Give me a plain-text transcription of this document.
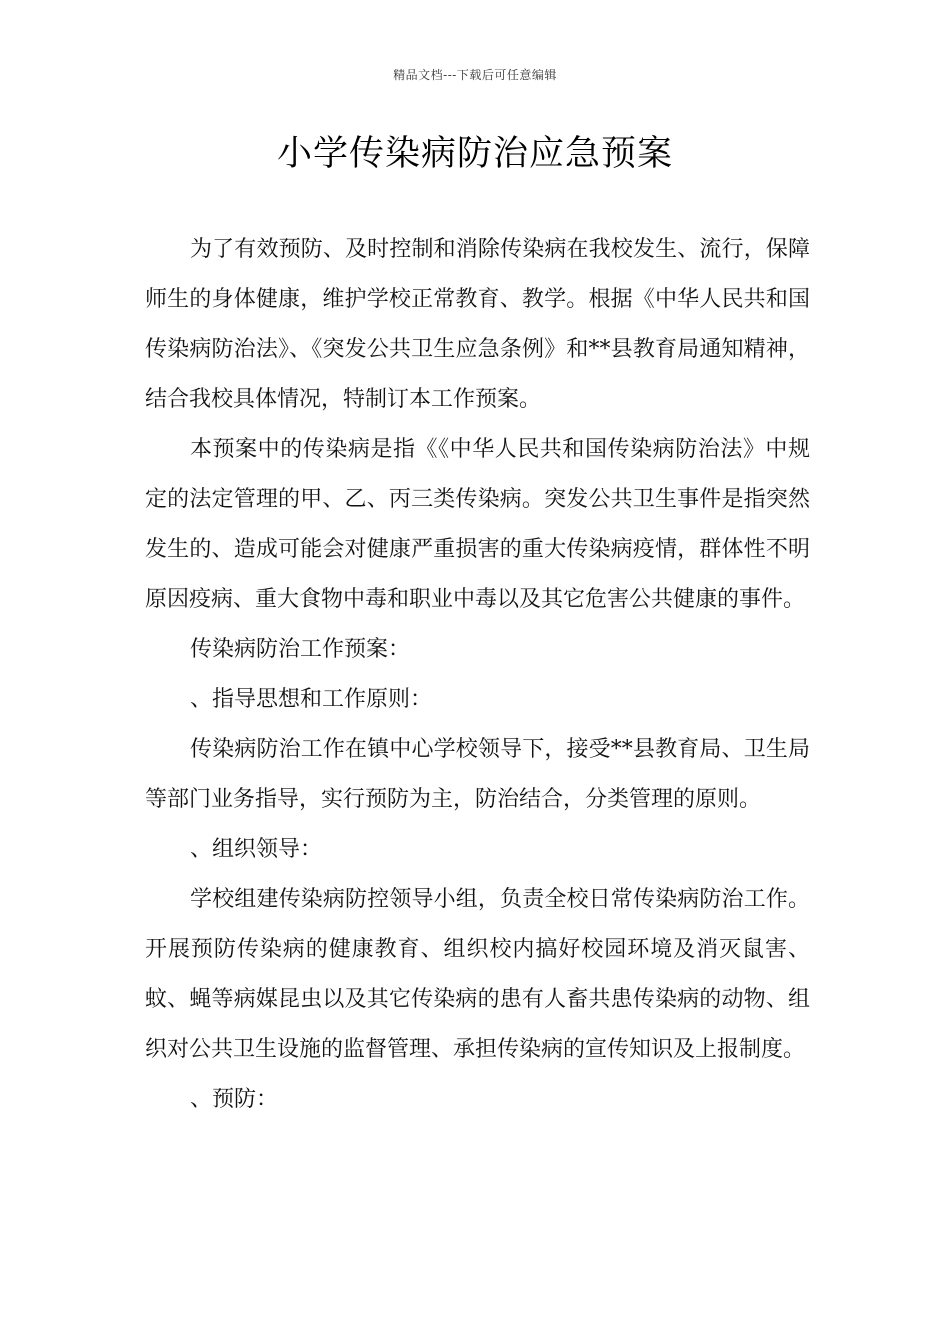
精品文档---下载后可任意编辑
小学传染病防治应急预案

为了有效预防、及时控制和消除传染病在我校发生、流行，保障师生的身体健康，维护学校正常教育、教学。根据《中华人民共和国传染病防治法》、《突发公共卫生应急条例》和**县教育局通知精神，结合我校具体情况，特制订本工作预案。

本预案中的传染病是指《《中华人民共和国传染病防治法》中规定的法定管理的甲、乙、丙三类传染病。突发公共卫生事件是指突然发生的、造成可能会对健康严重损害的重大传染病疫情，群体性不明原因疫病、重大食物中毒和职业中毒以及其它危害公共健康的事件。

传染病防治工作预案：

、指导思想和工作原则：

传染病防治工作在镇中心学校领导下，接受**县教育局、卫生局等部门业务指导，实行预防为主，防治结合，分类管理的原则。

、组织领导：

学校组建传染病防控领导小组，负责全校日常传染病防治工作。开展预防传染病的健康教育、组织校内搞好校园环境及消灭鼠害、蚊、蝇等病媒昆虫以及其它传染病的患有人畜共患传染病的动物、组织对公共卫生设施的监督管理、承担传染病的宣传知识及上报制度。

、预防：
